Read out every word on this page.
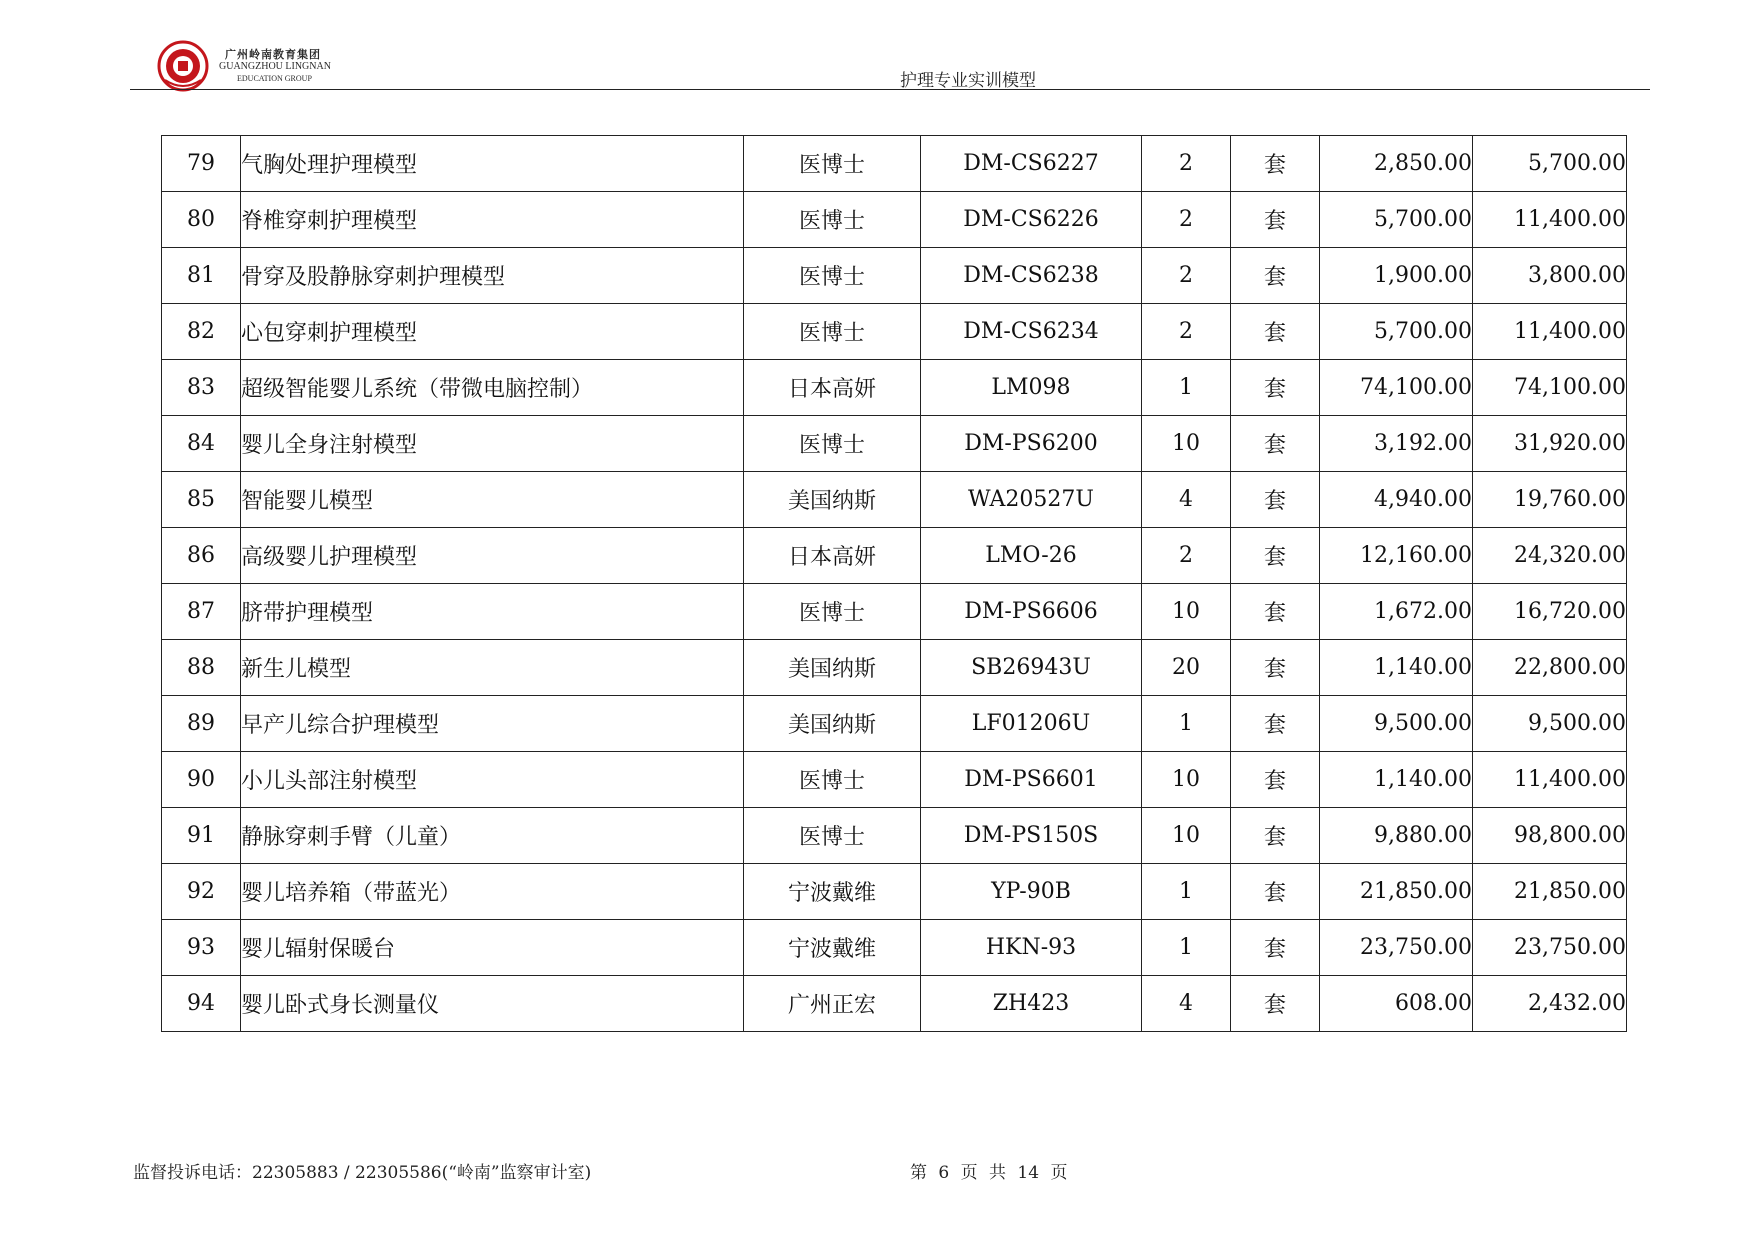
广州岭南教育集团
GUANGZHOU LINGNAN
EDUCATION GROUP	护理专业实训模型
79	气胸处理护理模型	医博士	DM-CS6227	2	套	2,850.00	5,700.00
80	脊椎穿刺护理模型	医博士	DM-CS6226	2	套	5,700.00	11,400.00
81	骨穿及股静脉穿刺护理模型	医博士	DM-CS6238	2	套	1,900.00	3,800.00
82	心包穿刺护理模型	医博士	DM-CS6234	2	套	5,700.00	11,400.00
83	超级智能婴儿系统（带微电脑控制）	日本高妍	LM098	1	套	74,100.00	74,100.00
84	婴儿全身注射模型	医博士	DM-PS6200	10	套	3,192.00	31,920.00
85	智能婴儿模型	美国纳斯	WA20527U	4	套	4,940.00	19,760.00
86	高级婴儿护理模型	日本高妍	LMO-26	2	套	12,160.00	24,320.00
87	脐带护理模型	医博士	DM-PS6606	10	套	1,672.00	16,720.00
88	新生儿模型	美国纳斯	SB26943U	20	套	1,140.00	22,800.00
89	早产儿综合护理模型	美国纳斯	LF01206U	1	套	9,500.00	9,500.00
90	小儿头部注射模型	医博士	DM-PS6601	10	套	1,140.00	11,400.00
91	静脉穿刺手臂（儿童）	医博士	DM-PS150S	10	套	9,880.00	98,800.00
92	婴儿培养箱（带蓝光）	宁波戴维	YP-90B	1	套	21,850.00	21,850.00
93	婴儿辐射保暖台	宁波戴维	HKN-93	1	套	23,750.00	23,750.00
94	婴儿卧式身长测量仪	广州正宏	ZH423	4	套	608.00	2,432.00
监督投诉电话：22305883 / 22305586(“岭南”监察审计室)	第 6 页 共 14 页
